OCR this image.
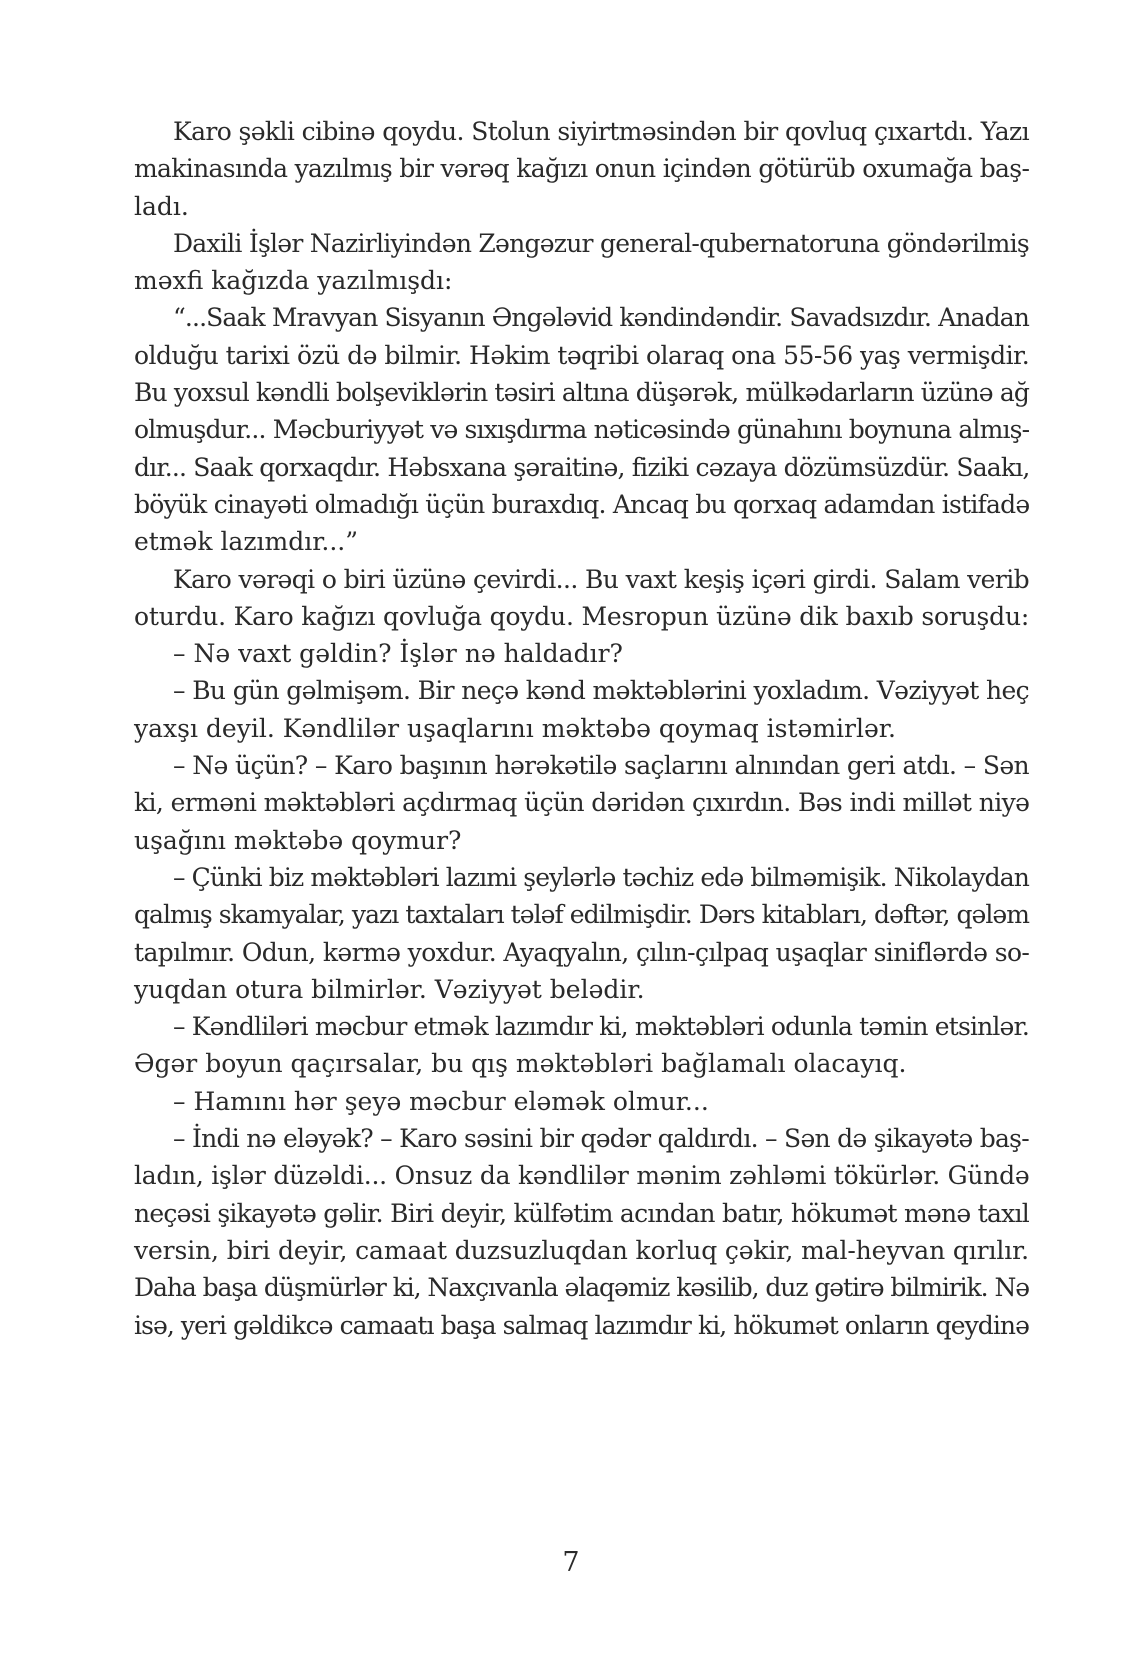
Karo şəkli cibinə qoydu. Stolun siyirtməsindən bir qovluq çıxartdı. Yazı
makinasında yazılmış bir vərəq kağızı onun içindən götürüb oxumağa baş-
ladı.
Daxili İşlər Nazirliyindən Zəngəzur general-qubernatoruna göndərilmiş
məxfi kağızda yazılmışdı:
“...Saak Mravyan Sisyanın Əngələvid kəndindəndir. Savadsızdır. Anadan
olduğu tarixi özü də bilmir. Həkim təqribi olaraq ona 55-56 yaş vermişdir.
Bu yoxsul kəndli bolşeviklərin təsiri altına düşərək, mülkədarların üzünə ağ
olmuşdur... Məcburiyyət və sıxışdırma nəticəsində günahını boynuna almış-
dır... Saak qorxaqdır. Həbsxana şəraitinə, fiziki cəzaya dözümsüzdür. Saakı,
böyük cinayəti olmadığı üçün buraxdıq. Ancaq bu qorxaq adamdan istifadə
etmək lazımdır...”
Karo vərəqi o biri üzünə çevirdi... Bu vaxt keşiş içəri girdi. Salam verib
oturdu. Karo kağızı qovluğa qoydu. Mesropun üzünə dik baxıb soruşdu:
– Nə vaxt gəldin? İşlər nə haldadır?
– Bu gün gəlmişəm. Bir neçə kənd məktəblərini yoxladım. Vəziyyət heç
yaxşı deyil. Kəndlilər uşaqlarını məktəbə qoymaq istəmirlər.
– Nə üçün? – Karo başının hərəkətilə saçlarını alnından geri atdı. – Sən
ki, erməni məktəbləri açdırmaq üçün dəridən çıxırdın. Bəs indi millət niyə
uşağını məktəbə qoymur?
– Çünki biz məktəbləri lazımi şeylərlə təchiz edə bilməmişik. Nikolaydan
qalmış skamyalar, yazı taxtaları tələf edilmişdir. Dərs kitabları, dəftər, qələm
tapılmır. Odun, kərmə yoxdur. Ayaqyalın, çılın-çılpaq uşaqlar siniflərdə so-
yuqdan otura bilmirlər. Vəziyyət belədir.
– Kəndliləri məcbur etmək lazımdır ki, məktəbləri odunla təmin etsinlər.
Əgər boyun qaçırsalar, bu qış məktəbləri bağlamalı olacayıq.
– Hamını hər şeyə məcbur eləmək olmur...
– İndi nə eləyək? – Karo səsini bir qədər qaldırdı. – Sən də şikayətə baş-
ladın, işlər düzəldi... Onsuz da kəndlilər mənim zəhləmi tökürlər. Gündə
neçəsi şikayətə gəlir. Biri deyir, külfətim acından batır, hökumət mənə taxıl
versin, biri deyir, camaat duzsuzluqdan korluq çəkir, mal-heyvan qırılır.
Daha başa düşmürlər ki, Naxçıvanla əlaqəmiz kəsilib, duz gətirə bilmirik. Nə
isə, yeri gəldikcə camaatı başa salmaq lazımdır ki, hökumət onların qeydinə
7
